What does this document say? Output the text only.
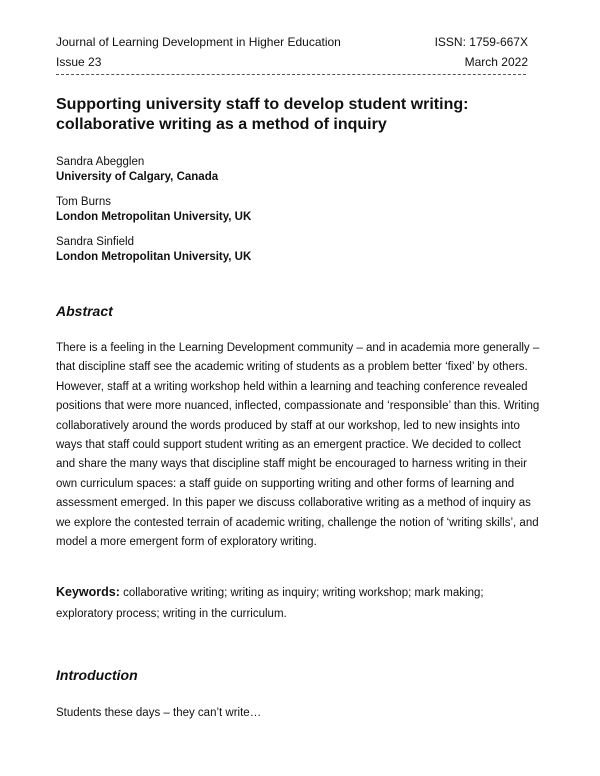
Journal of Learning Development in Higher Education	ISSN: 1759-667X
Issue 23	March 2022
Supporting university staff to develop student writing: collaborative writing as a method of inquiry
Sandra Abegglen
University of Calgary, Canada
Tom Burns
London Metropolitan University, UK
Sandra Sinfield
London Metropolitan University, UK
Abstract
There is a feeling in the Learning Development community – and in academia more generally – that discipline staff see the academic writing of students as a problem better ‘fixed’ by others. However, staff at a writing workshop held within a learning and teaching conference revealed positions that were more nuanced, inflected, compassionate and ‘responsible’ than this. Writing collaboratively around the words produced by staff at our workshop, led to new insights into ways that staff could support student writing as an emergent practice. We decided to collect and share the many ways that discipline staff might be encouraged to harness writing in their own curriculum spaces: a staff guide on supporting writing and other forms of learning and assessment emerged. In this paper we discuss collaborative writing as a method of inquiry as we explore the contested terrain of academic writing, challenge the notion of ‘writing skills’, and model a more emergent form of exploratory writing.
Keywords: collaborative writing; writing as inquiry; writing workshop; mark making; exploratory process; writing in the curriculum.
Introduction
Students these days – they can’t write…
